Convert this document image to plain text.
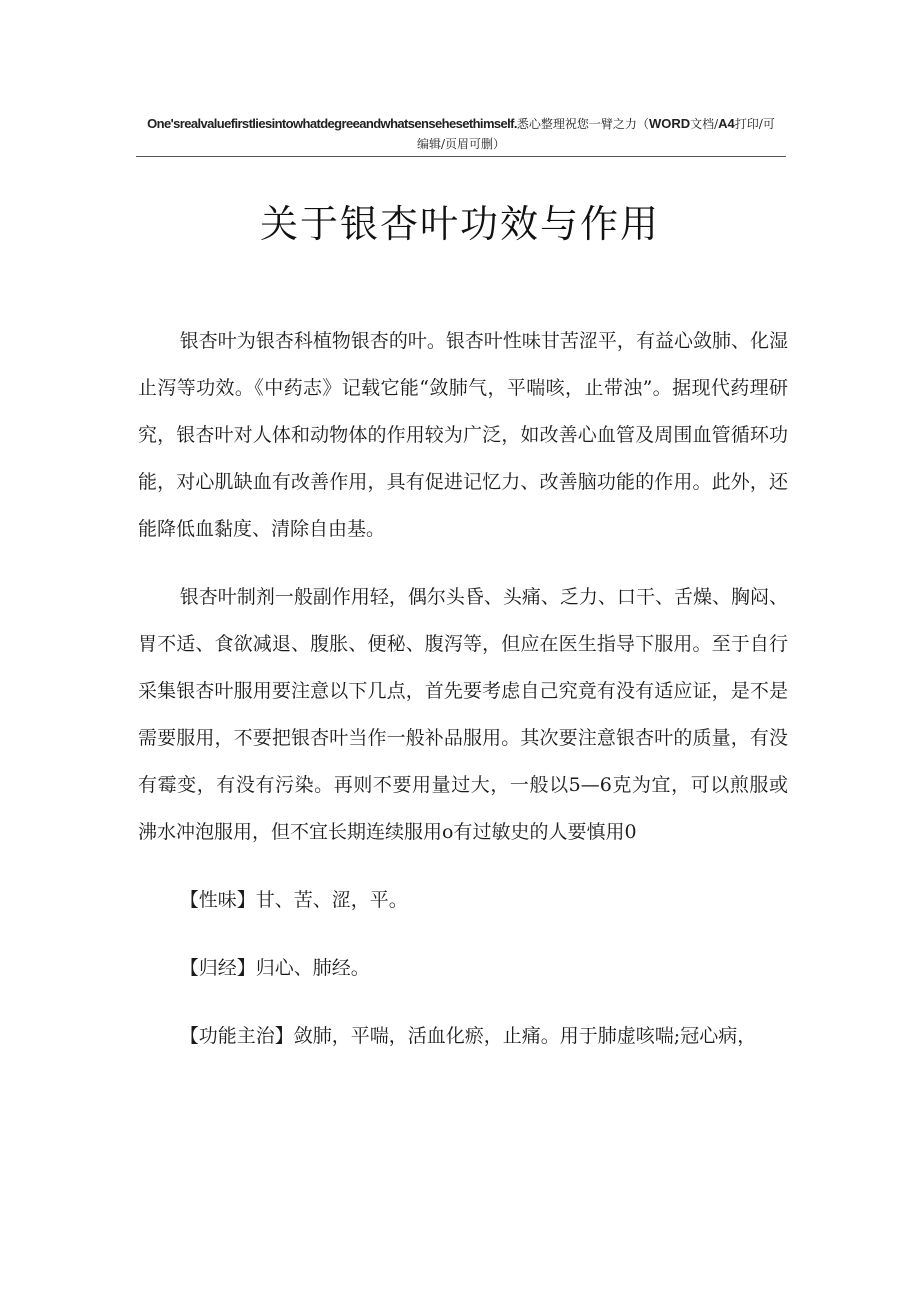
One'srealvaluefirstliesintowhatdegreeandwhatsensehesethimself.悉心整理祝您一臂之力（WORD文档/A4打印/可
编辑/页眉可删）
关于银杏叶功效与作用

银杏叶为银杏科植物银杏的叶。银杏叶性味甘苦涩平，有益心敛肺、化湿止泻等功效。《中药志》记载它能“敛肺气，平喘咳，止带浊”。据现代药理研究，银杏叶对人体和动物体的作用较为广泛，如改善心血管及周围血管循环功能，对心肌缺血有改善作用，具有促进记忆力、改善脑功能的作用。此外，还能降低血黏度、清除自由基。

银杏叶制剂一般副作用轻，偶尔头昏、头痛、乏力、口干、舌燥、胸闷、胃不适、食欲减退、腹胀、便秘、腹泻等，但应在医生指导下服用。至于自行采集银杏叶服用要注意以下几点，首先要考虑自己究竟有没有适应证，是不是需要服用，不要把银杏叶当作一般补品服用。其次要注意银杏叶的质量，有没有霉变，有没有污染。再则不要用量过大，一般以5—6克为宜，可以煎服或沸水冲泡服用，但不宜长期连续服用o有过敏史的人要慎用0

【性味】甘、苦、涩，平。

【归经】归心、肺经。

【功能主治】敛肺，平喘，活血化瘀，止痛。用于肺虚咳喘;冠心病，
